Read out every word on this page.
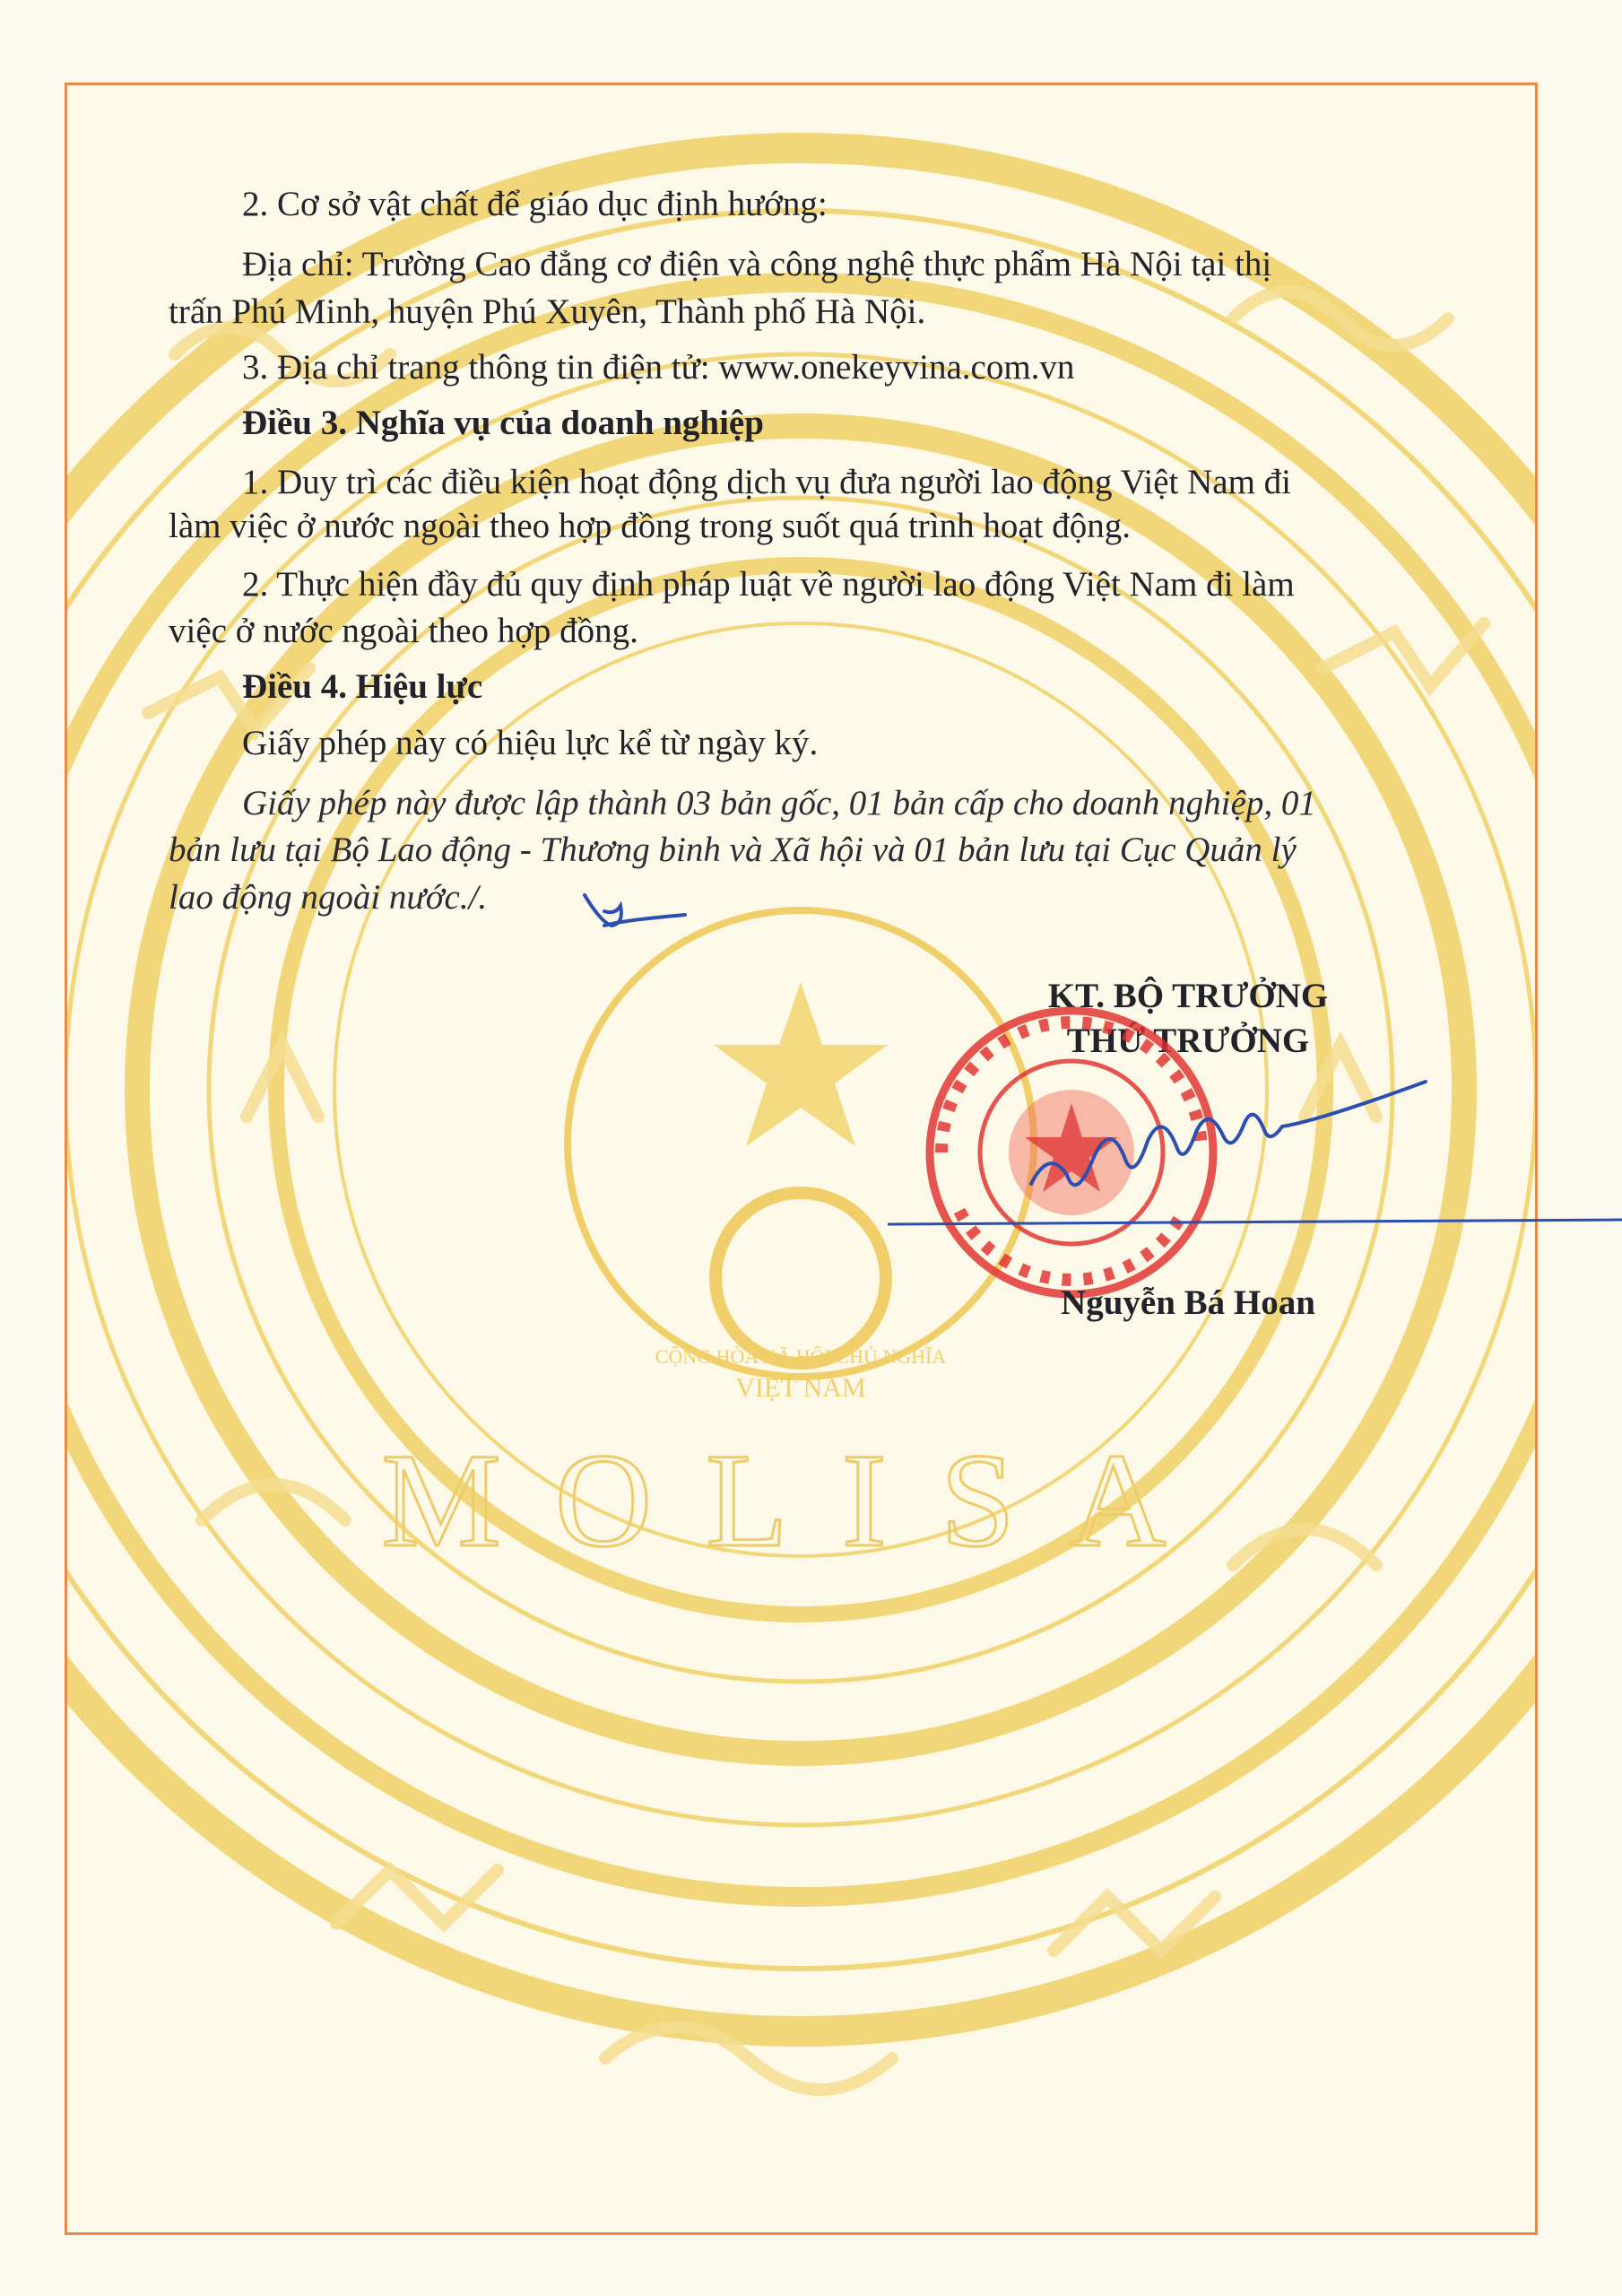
CỘNG HÒA XÃ HỘI CHỦ NGHĨA
VIỆT NAM
MOLISA

2. Cơ sở vật chất để giáo dục định hướng:

Địa chỉ: Trường Cao đẳng cơ điện và công nghệ thực phẩm Hà Nội tại thị

trấn Phú Minh, huyện Phú Xuyên, Thành phố Hà Nội.

3. Địa chỉ trang thông tin điện tử: www.onekeyvina.com.vn

Điều 3. Nghĩa vụ của doanh nghiệp

1. Duy trì các điều kiện hoạt động dịch vụ đưa người lao động Việt Nam đi

làm việc ở nước ngoài theo hợp đồng trong suốt quá trình hoạt động.

2. Thực hiện đầy đủ quy định pháp luật về người lao động Việt Nam đi làm

việc ở nước ngoài theo hợp đồng.

Điều 4. Hiệu lực

Giấy phép này có hiệu lực kể từ ngày ký.

Giấy phép này được lập thành 03 bản gốc, 01 bản cấp cho doanh nghiệp, 01

bản lưu tại Bộ Lao động - Thương binh và Xã hội và 01 bản lưu tại Cục Quản lý

lao động ngoài nước./.

KT. BỘ TRƯỞNG
THỨ TRƯỞNG
Nguyễn Bá Hoan
